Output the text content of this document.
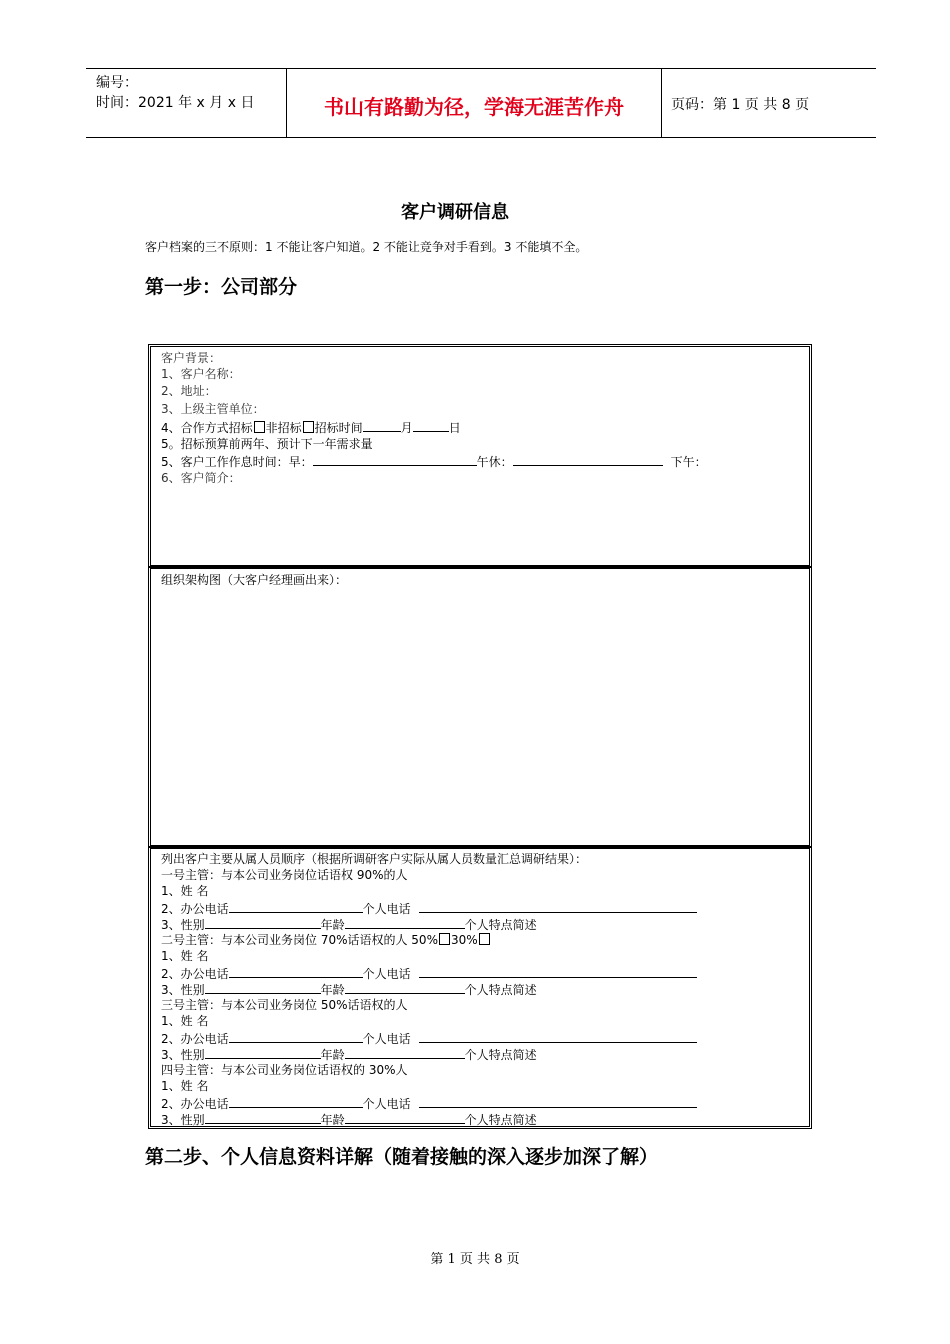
编号：
时间：2021 年 x 月 x 日	书山有路勤为径，学海无涯苦作舟	页码：第 1 页 共 8 页
客户调研信息
客户档案的三不原则：1 不能让客户知道。2 不能让竞争对手看到。3 不能填不全。
第一步：公司部分
客户背景：
1、客户名称：
2、地址：
3、上级主管单位：
4、合作方式招标 非招标 招标时间	月	日
5。招标预算前两年、预计下一年需求量
5、客户工作作息时间：早：	午休：	下午：
6、客户简介：
组织架构图（大客户经理画出来）：
列出客户主要从属人员顺序（根据所调研客户实际从属人员数量汇总调研结果）：
一号主管：与本公司业务岗位话语权 90%的人
1、姓 名
2、办公电话	个人电话
3、性别	年龄	个人特点简述
二号主管：与本公司业务岗位 70%话语权的人 50% 30%
1、姓 名
2、办公电话	个人电话
3、性别	年龄	个人特点简述
三号主管：与本公司业务岗位 50%话语权的人
1、姓 名
2、办公电话	个人电话
3、性别	年龄	个人特点简述
四号主管：与本公司业务岗位话语权的 30%人
1、姓 名
2、办公电话	个人电话
3、性别	年龄	个人特点简述
第二步、个人信息资料详解（随着接触的深入逐步加深了解）
第 1 页 共 8 页
